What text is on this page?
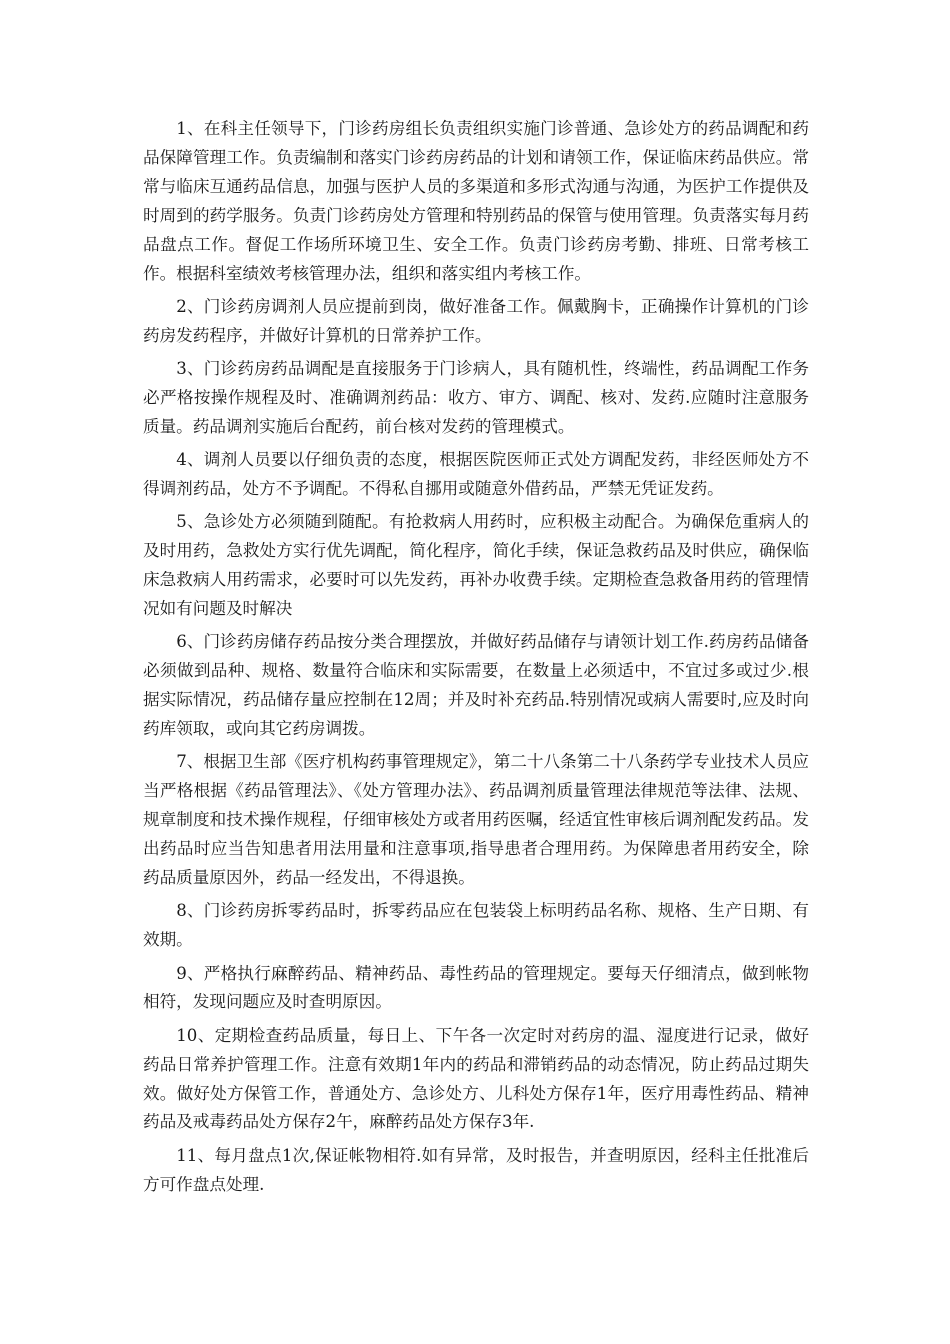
1、在科主任领导下，门诊药房组长负责组织实施门诊普通、急诊处方的药品调配和药品保障管理工作。负责编制和落实门诊药房药品的计划和请领工作，保证临床药品供应。常常与临床互通药品信息，加强与医护人员的多渠道和多形式沟通与沟通，为医护工作提供及时周到的药学服务。负责门诊药房处方管理和特别药品的保管与使用管理。负责落实每月药品盘点工作。督促工作场所环境卫生、安全工作。负责门诊药房考勤、排班、日常考核工作。根据科室绩效考核管理办法，组织和落实组内考核工作。

2、门诊药房调剂人员应提前到岗，做好准备工作。佩戴胸卡，正确操作计算机的门诊药房发药程序，并做好计算机的日常养护工作。

3、门诊药房药品调配是直接服务于门诊病人，具有随机性，终端性，药品调配工作务必严格按操作规程及时、准确调剂药品：收方、审方、调配、核对、发药.应随时注意服务质量。药品调剂实施后台配药，前台核对发药的管理模式。

4、调剂人员要以仔细负责的态度，根据医院医师正式处方调配发药，非经医师处方不得调剂药品，处方不予调配。不得私自挪用或随意外借药品，严禁无凭证发药。

5、急诊处方必须随到随配。有抢救病人用药时，应积极主动配合。为确保危重病人的及时用药，急救处方实行优先调配，简化程序，简化手续，保证急救药品及时供应，确保临床急救病人用药需求，必要时可以先发药，再补办收费手续。定期检查急救备用药的管理情况如有问题及时解决

6、门诊药房储存药品按分类合理摆放，并做好药品储存与请领计划工作.药房药品储备必须做到品种、规格、数量符合临床和实际需要，在数量上必须适中，不宜过多或过少.根据实际情况，药品储存量应控制在12周；并及时补充药品.特别情况或病人需要时,应及时向药库领取，或向其它药房调拨。

7、根据卫生部《医疗机构药事管理规定》，第二十八条第二十八条药学专业技术人员应当严格根据《药品管理法》、《处方管理办法》、药品调剂质量管理法律规范等法律、法规、规章制度和技术操作规程，仔细审核处方或者用药医嘱，经适宜性审核后调剂配发药品。发出药品时应当告知患者用法用量和注意事项,指导患者合理用药。为保障患者用药安全，除药品质量原因外，药品一经发出，不得退换。

8、门诊药房拆零药品时，拆零药品应在包装袋上标明药品名称、规格、生产日期、有效期。

9、严格执行麻醉药品、精神药品、毒性药品的管理规定。要每天仔细清点，做到帐物相符，发现问题应及时查明原因。

10、定期检查药品质量，每日上、下午各一次定时对药房的温、湿度进行记录，做好药品日常养护管理工作。注意有效期1年内的药品和滞销药品的动态情况，防止药品过期失效。做好处方保管工作，普通处方、急诊处方、儿科处方保存1年，医疗用毒性药品、精神药品及戒毒药品处方保存2午，麻醉药品处方保存3年.

11、每月盘点1次,保证帐物相符.如有异常，及时报告，并查明原因，经科主任批准后方可作盘点处理.
